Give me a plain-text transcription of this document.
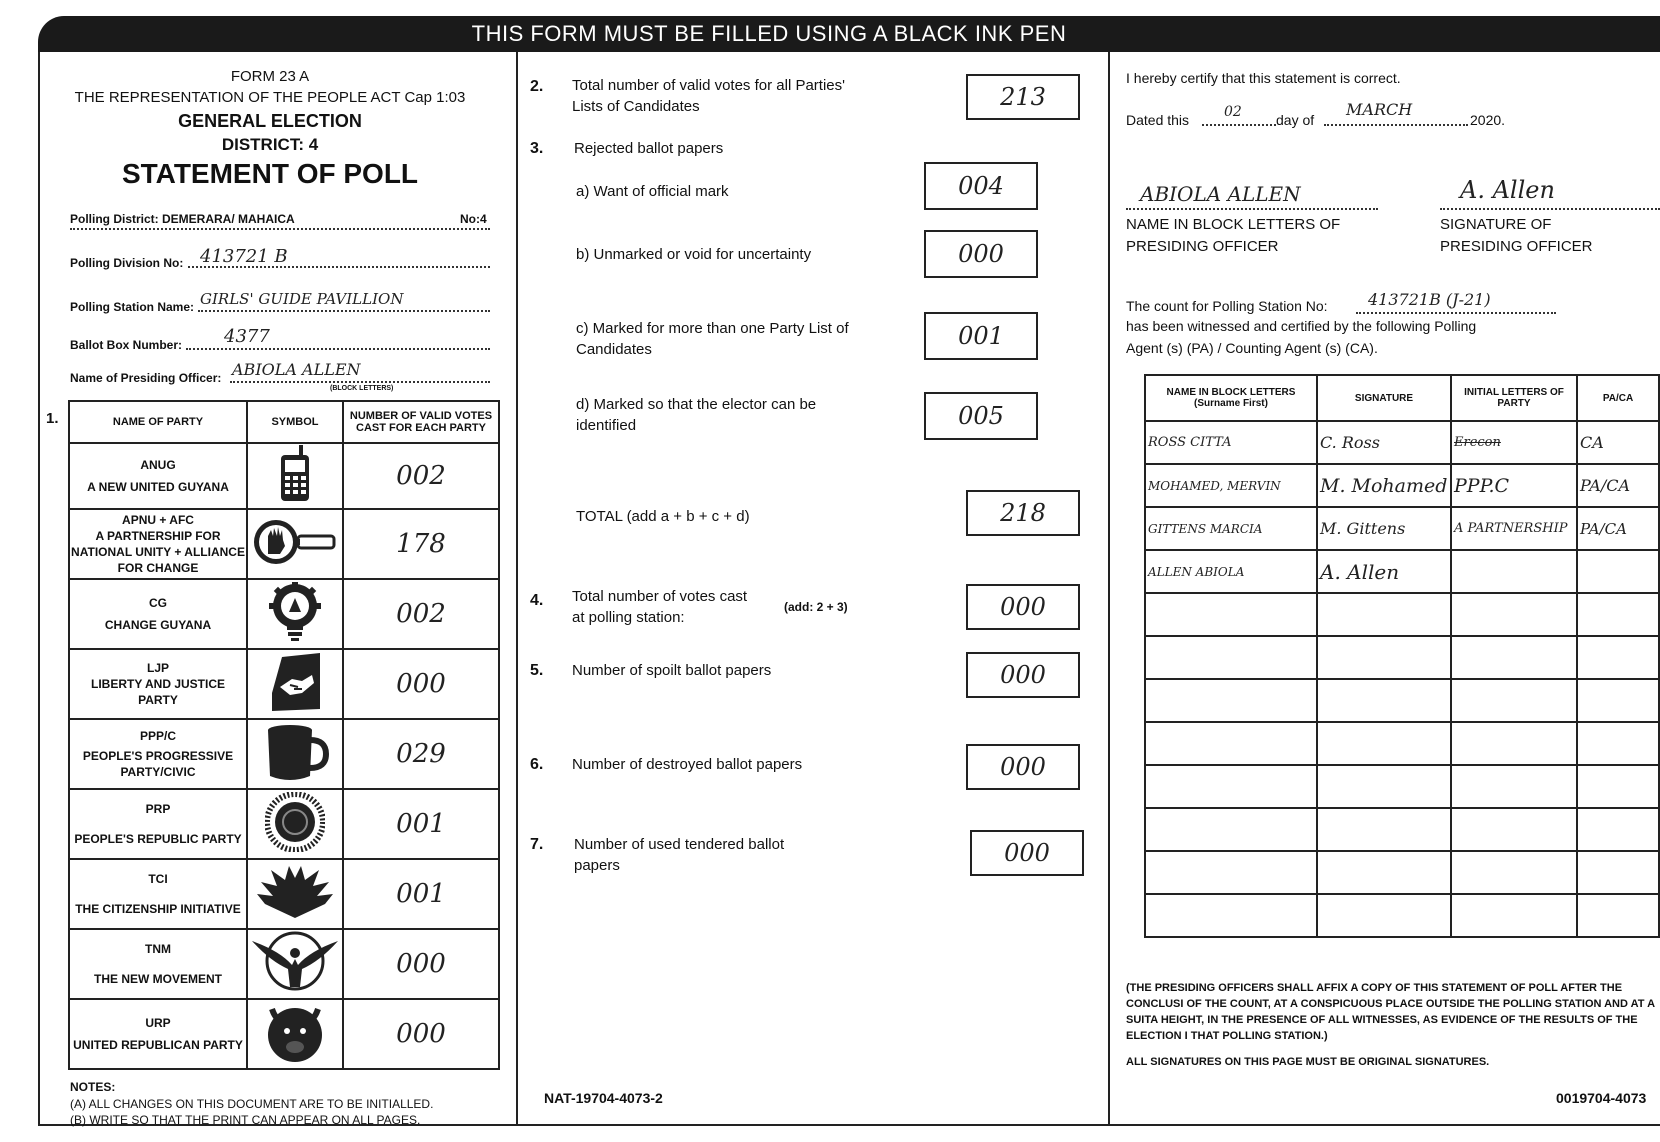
THIS FORM MUST BE FILLED USING A BLACK INK PEN
FORM 23 A
THE REPRESENTATION OF THE PEOPLE ACT Cap 1:03
GENERAL ELECTION
DISTRICT: 4
STATEMENT OF POLL
Polling District: DEMERARA/ MAHAICA	No:4
Polling Division No: 413721 B
Polling Station Name: GIRLS' GUIDE PAVILLION
Ballot Box Number: 4377
Name of Presiding Officer: ABIOLA ALLEN
(BLOCK LETTERS)
1.	NAME OF PARTY	SYMBOL	NUMBER OF VALID VOTES CAST FOR EACH PARTY

ANUG
A NEW UNITED GUYANA		002

APNU + AFC
A PARTNERSHIP FOR NATIONAL UNITY + ALLIANCE FOR CHANGE		178

CG
CHANGE GUYANA		002

LJP
LIBERTY AND JUSTICE PARTY		000

PPP/C
PEOPLE'S PROGRESSIVE PARTY/CIVIC		029

PRP
PEOPLE'S REPUBLIC PARTY		001

TCI
THE CITIZENSHIP INITIATIVE		001

TNM
THE NEW MOVEMENT		000

URP
UNITED REPUBLICAN PARTY		000
NOTES:
(A) ALL CHANGES ON THIS DOCUMENT ARE TO BE INITIALLED.
(B) WRITE SO THAT THE PRINT CAN APPEAR ON ALL PAGES.
2. Total number of valid votes for all Parties' Lists of Candidates	213
3. Rejected ballot papers
a) Want of official mark	004
b) Unmarked or void for uncertainty	000
c) Marked for more than one Party List of Candidates	001
d) Marked so that the elector can be identified	005
TOTAL (add a + b + c + d)	218
4. Total number of votes cast at polling station:
(add: 2 + 3)	000
5. Number of spoilt ballot papers	000
6. Number of destroyed ballot papers	000
7. Number of used tendered ballot papers	000
NAT-19704-4073-2
I hereby certify that this statement is correct.
Dated this 02 day of
MARCH
2020.
ABIOLA ALLEN	A. Allen
NAME IN BLOCK LETTERS OF
PRESIDING OFFICER
SIGNATURE OF
PRESIDING OFFICER
The count for Polling Station No:	413721B (J-21)
has been witnessed and certified by the following Polling
Agent (s) (PA) / Counting Agent (s) (CA).
NAME IN BLOCK LETTERS (Surname First)	SIGNATURE	INITIAL LETTERS OF PARTY	PA/CA
ROSS CITTA	C. Ross	Erecon	CA
MOHAMED, MERVIN	M. Mohamed	PPP.C	PA/CA
GITTENS MARCIA	M. Gittens	A PARTNERSHIP	PA/CA
ALLEN ABIOLA	A. Allen		

(THE PRESIDING OFFICERS SHALL AFFIX A COPY OF THIS STATEMENT OF POLL AFTER THE CONCLUSI OF THE COUNT, AT A CONSPICUOUS PLACE OUTSIDE THE POLLING STATION AND AT A SUITA HEIGHT, IN THE PRESENCE OF ALL WITNESSES, AS EVIDENCE OF THE RESULTS OF THE ELECTION I THAT POLLING STATION.)
ALL SIGNATURES ON THIS PAGE MUST BE ORIGINAL SIGNATURES.
0019704-4073
